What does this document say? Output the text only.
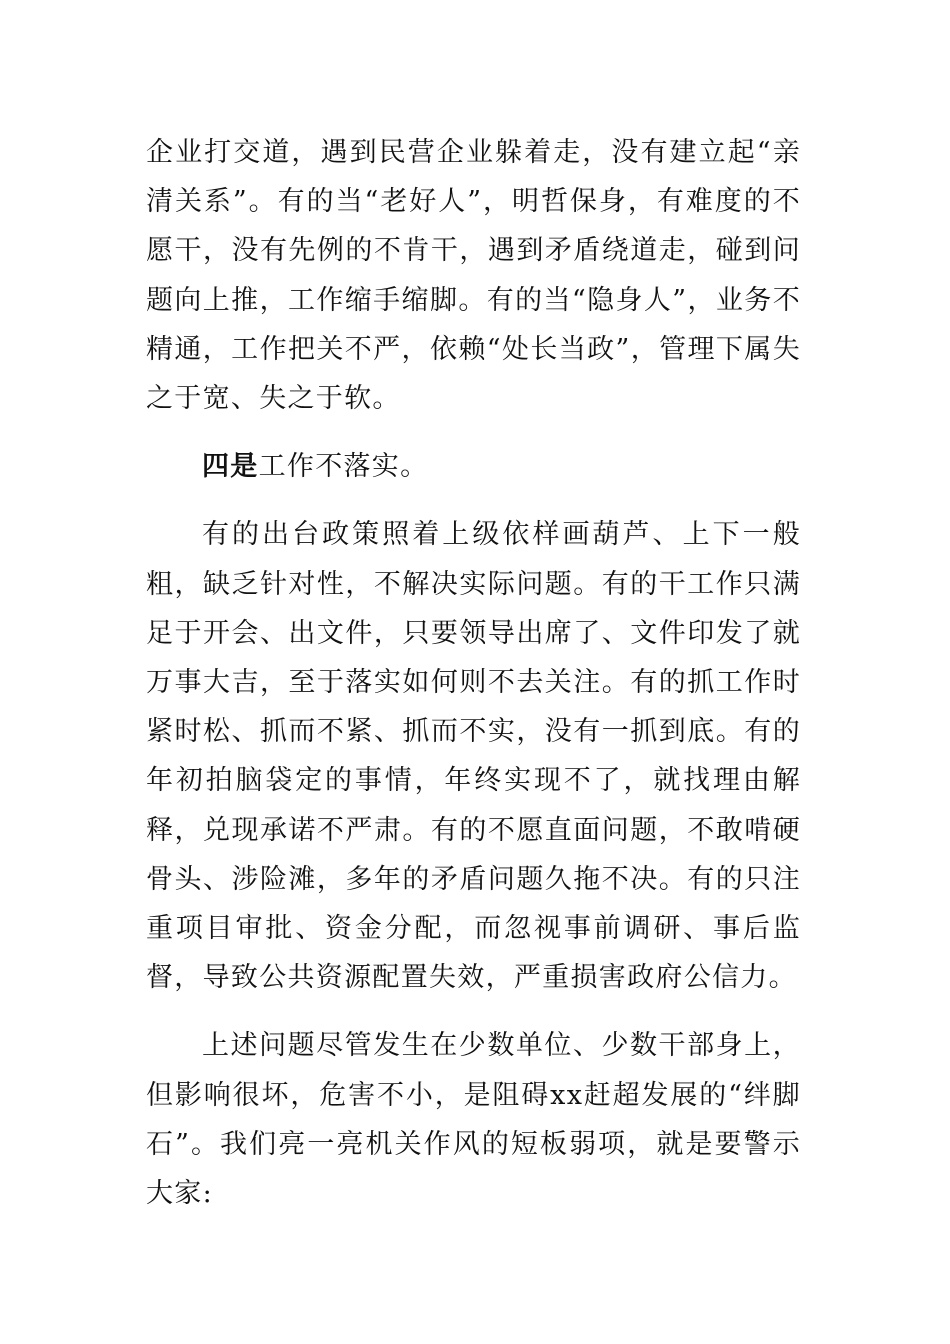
企业打交道，遇到民营企业躲着走，没有建立起“亲清关系”。有的当“老好人”，明哲保身，有难度的不愿干，没有先例的不肯干，遇到矛盾绕道走，碰到问题向上推，工作缩手缩脚。有的当“隐身人”，业务不精通，工作把关不严，依赖“处长当政”，管理下属失之于宽、失之于软。

四是工作不落实。

有的出台政策照着上级依样画葫芦、上下一般粗，缺乏针对性，不解决实际问题。有的干工作只满足于开会、出文件，只要领导出席了、文件印发了就万事大吉，至于落实如何则不去关注。有的抓工作时紧时松、抓而不紧、抓而不实，没有一抓到底。有的年初拍脑袋定的事情，年终实现不了，就找理由解释，兑现承诺不严肃。有的不愿直面问题，不敢啃硬骨头、涉险滩，多年的矛盾问题久拖不决。有的只注重项目审批、资金分配，而忽视事前调研、事后监督，导致公共资源配置失效，严重损害政府公信力。

上述问题尽管发生在少数单位、少数干部身上，但影响很坏，危害不小，是阻碍xx赶超发展的“绊脚石”。我们亮一亮机关作风的短板弱项，就是要警示大家:
